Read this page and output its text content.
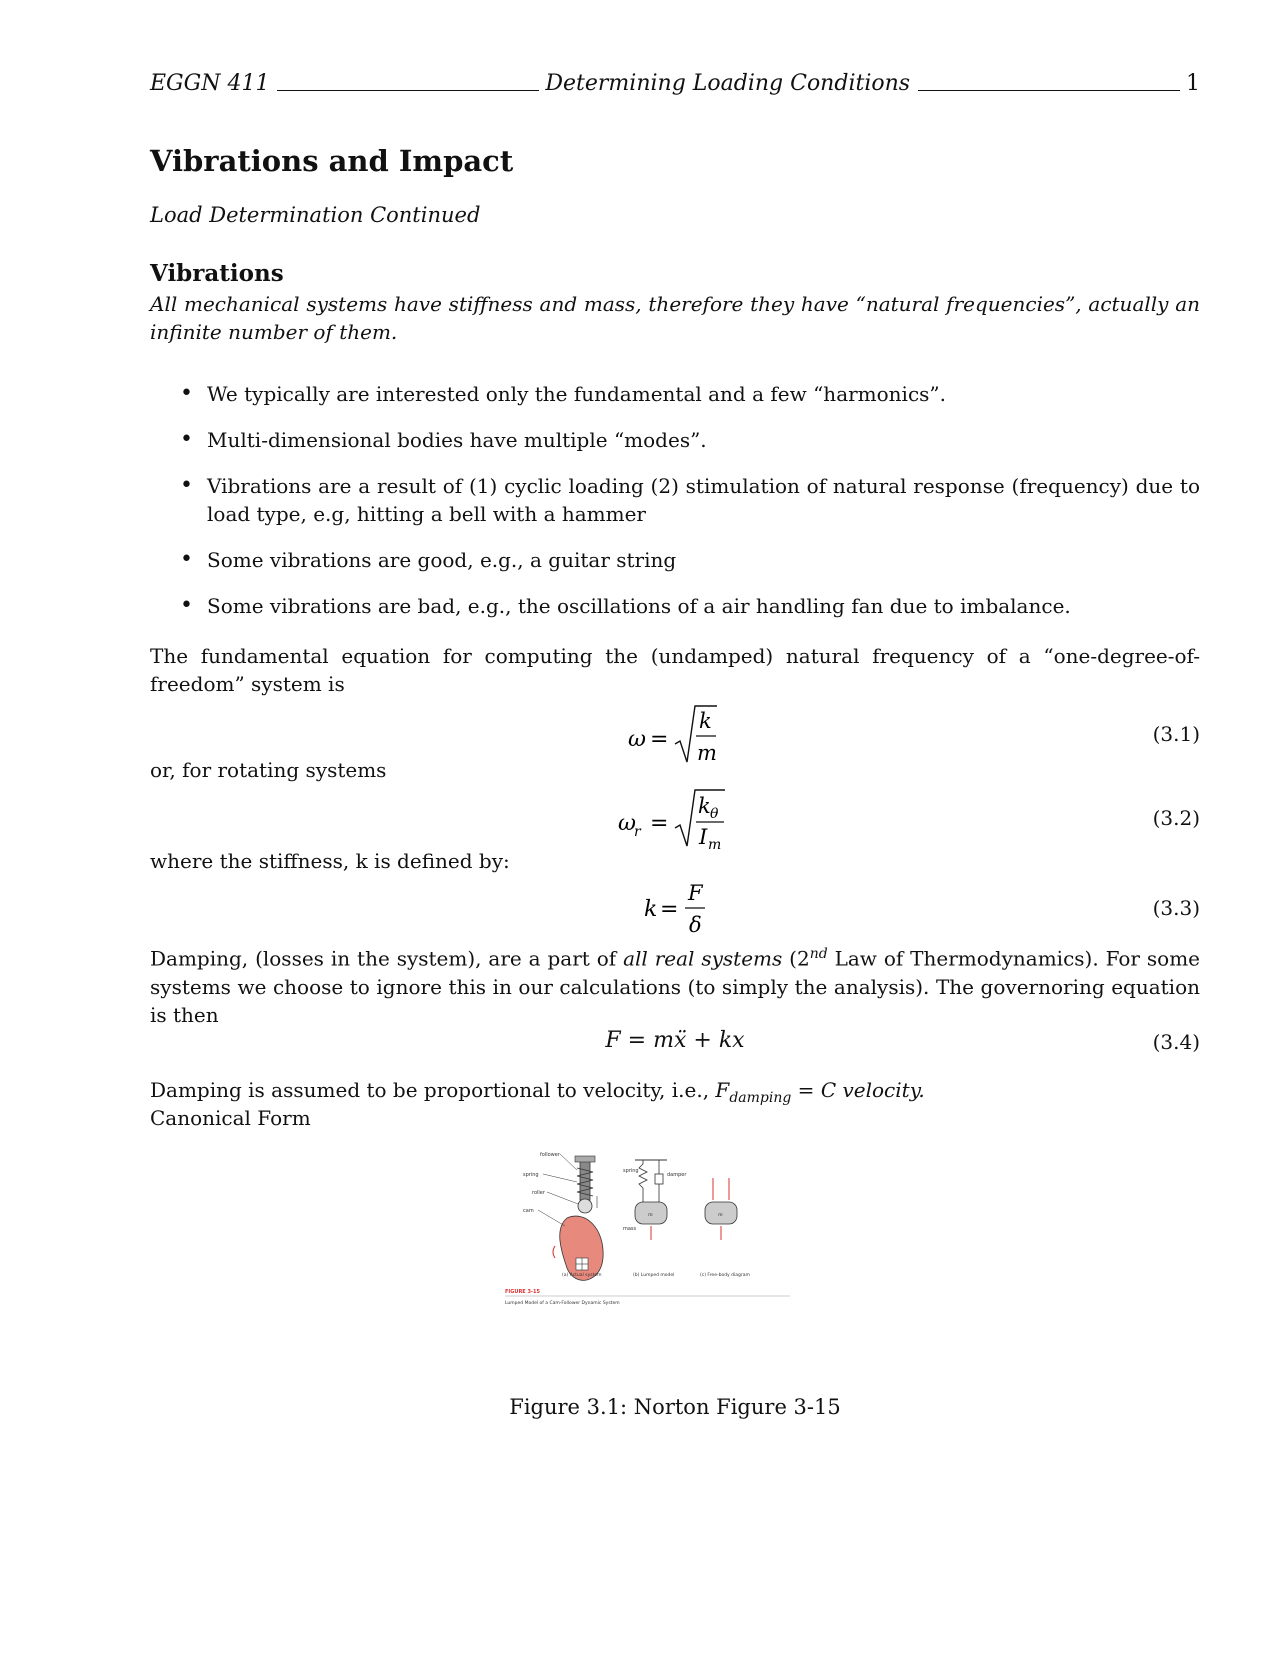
EGGN 411	Determining Loading Conditions	1
Vibrations and Impact
Load Determination Continued
Vibrations
All mechanical systems have stiffness and mass, therefore they have “natural frequencies”, actually an infinite number of them.
• We typically are interested only the fundamental and a few “harmonics”.
• Multi-dimensional bodies have multiple “modes”.
• Vibrations are a result of (1) cyclic loading (2) stimulation of natural response (frequency) due to load type, e.g, hitting a bell with a hammer
• Some vibrations are good, e.g., a guitar string
• Some vibrations are bad, e.g., the oscillations of a air handling fan due to imbalance.
The fundamental equation for computing the (undamped) natural frequency of a “one-degree-of-freedom” system is
ω =
k
m
(3.1)
or, for rotating systems
ω
r =
k θ
I m
(3.2)
where the stiffness, k is defined by:
k =
F
δ
(3.3)
Damping, (losses in the system), are a part of all real systems (2nd Law of Thermodynamics). For some systems we choose to ignore this in our calculations (to simply the analysis). The governoring equation is then
F = mẍ + kx	(3.4)
Damping is assumed to be proportional to velocity, i.e., $F_{damping} = C$ velocity.
Canonical Form
follower
spring
roller
cam
m
spring
damper
mass
m
(a) Actual system	(b) Lumped model	(c) Free-body diagram
FIGURE 3-15
Lumped Model of a Cam-Follower Dynamic System
Figure 3.1: Norton Figure 3-15
